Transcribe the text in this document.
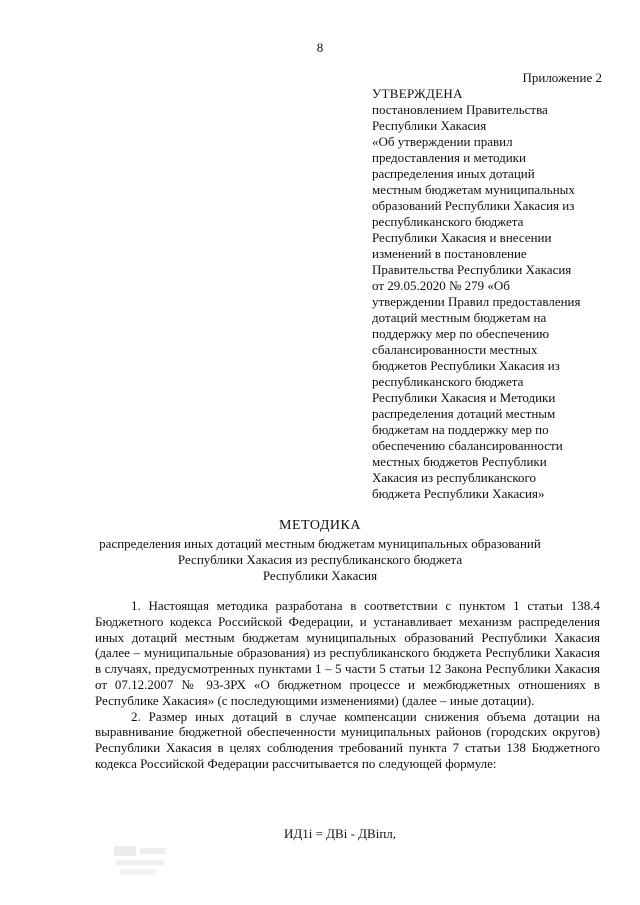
8
Приложение 2
УТВЕРЖДЕНА
постановлением Правительства
Республики Хакасия
«Об утверждении правил
предоставления и методики
распределения иных дотаций
местным бюджетам муниципальных
образований Республики Хакасия из
республиканского бюджета
Республики Хакасия и внесении
изменений в постановление
Правительства Республики Хакасия
от 29.05.2020 № 279 «Об
утверждении Правил предоставления
дотаций местным бюджетам на
поддержку мер по обеспечению
сбалансированности местных
бюджетов Республики Хакасия из
республиканского бюджета
Республики Хакасия и Методики
распределения дотаций местным
бюджетам на поддержку мер по
обеспечению сбалансированности
местных бюджетов Республики
Хакасия из республиканского
бюджета Республики Хакасия»
МЕТОДИКА
распределения иных дотаций местным бюджетам муниципальных образований
Республики Хакасия из республиканского бюджета
Республики Хакасия

1. Настоящая методика разработана в соответствии с пунктом 1 статьи 138.4 Бюджетного кодекса Российской Федерации, и устанавливает механизм распределения иных дотаций местным бюджетам муниципальных образований Республики Хакасия (далее – муниципальные образования) из республиканского бюджета Республики Хакасия в случаях, предусмотренных пунктами 1 – 5 части 5 статьи 12 Закона Республики Хакасия от 07.12.2007 № 93-ЗРХ «О бюджетном процессе и межбюджетных отношениях в Республике Хакасия» (с последующими изменениями) (далее – иные дотации).

2. Размер иных дотаций в случае компенсации снижения объема дотации на выравнивание бюджетной обеспеченности муниципальных районов (городских округов) Республики Хакасия в целях соблюдения требований пункта 7 статьи 138 Бюджетного кодекса Российской Федерации рассчитывается по следующей формуле:

ИД1i = ДВi - ДВiпл,
